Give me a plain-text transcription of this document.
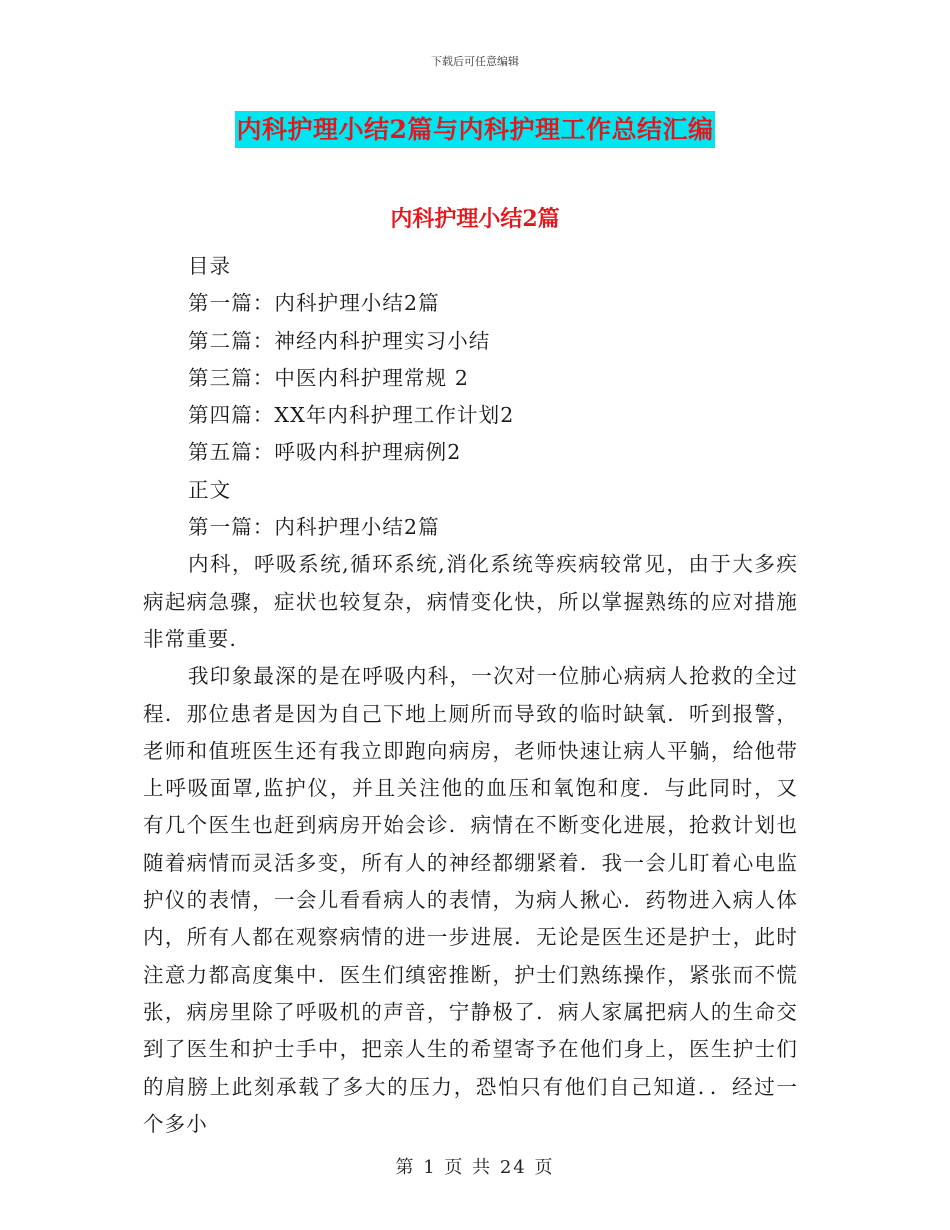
下载后可任意编辑
内科护理小结2篇与内科护理工作总结汇编
内科护理小结2篇
目录
第一篇：内科护理小结2篇
第二篇：神经内科护理实习小结
第三篇：中医内科护理常规 2
第四篇：XX年内科护理工作计划2
第五篇：呼吸内科护理病例2
正文
第一篇：内科护理小结2篇
内科，呼吸系统,循环系统,消化系统等疾病较常见，由于大多疾病起病急骤，症状也较复杂，病情变化快，所以掌握熟练的应对措施非常重要.
我印象最深的是在呼吸内科，一次对一位肺心病病人抢救的全过程．那位患者是因为自己下地上厕所而导致的临时缺氧．听到报警，老师和值班医生还有我立即跑向病房，老师快速让病人平躺，给他带上呼吸面罩,监护仪，并且关注他的血压和氧饱和度．与此同时，又有几个医生也赶到病房开始会诊．病情在不断变化进展，抢救计划也随着病情而灵活多变，所有人的神经都绷紧着．我一会儿盯着心电监护仪的表情，一会儿看看病人的表情，为病人揪心．药物进入病人体内，所有人都在观察病情的进一步进展．无论是医生还是护士，此时注意力都高度集中．医生们缜密推断，护士们熟练操作，紧张而不慌张，病房里除了呼吸机的声音，宁静极了．病人家属把病人的生命交到了医生和护士手中，把亲人生的希望寄予在他们身上，医生护士们的肩膀上此刻承载了多大的压力，恐怕只有他们自己知道．．经过一个多小
第 1 页 共 24 页
